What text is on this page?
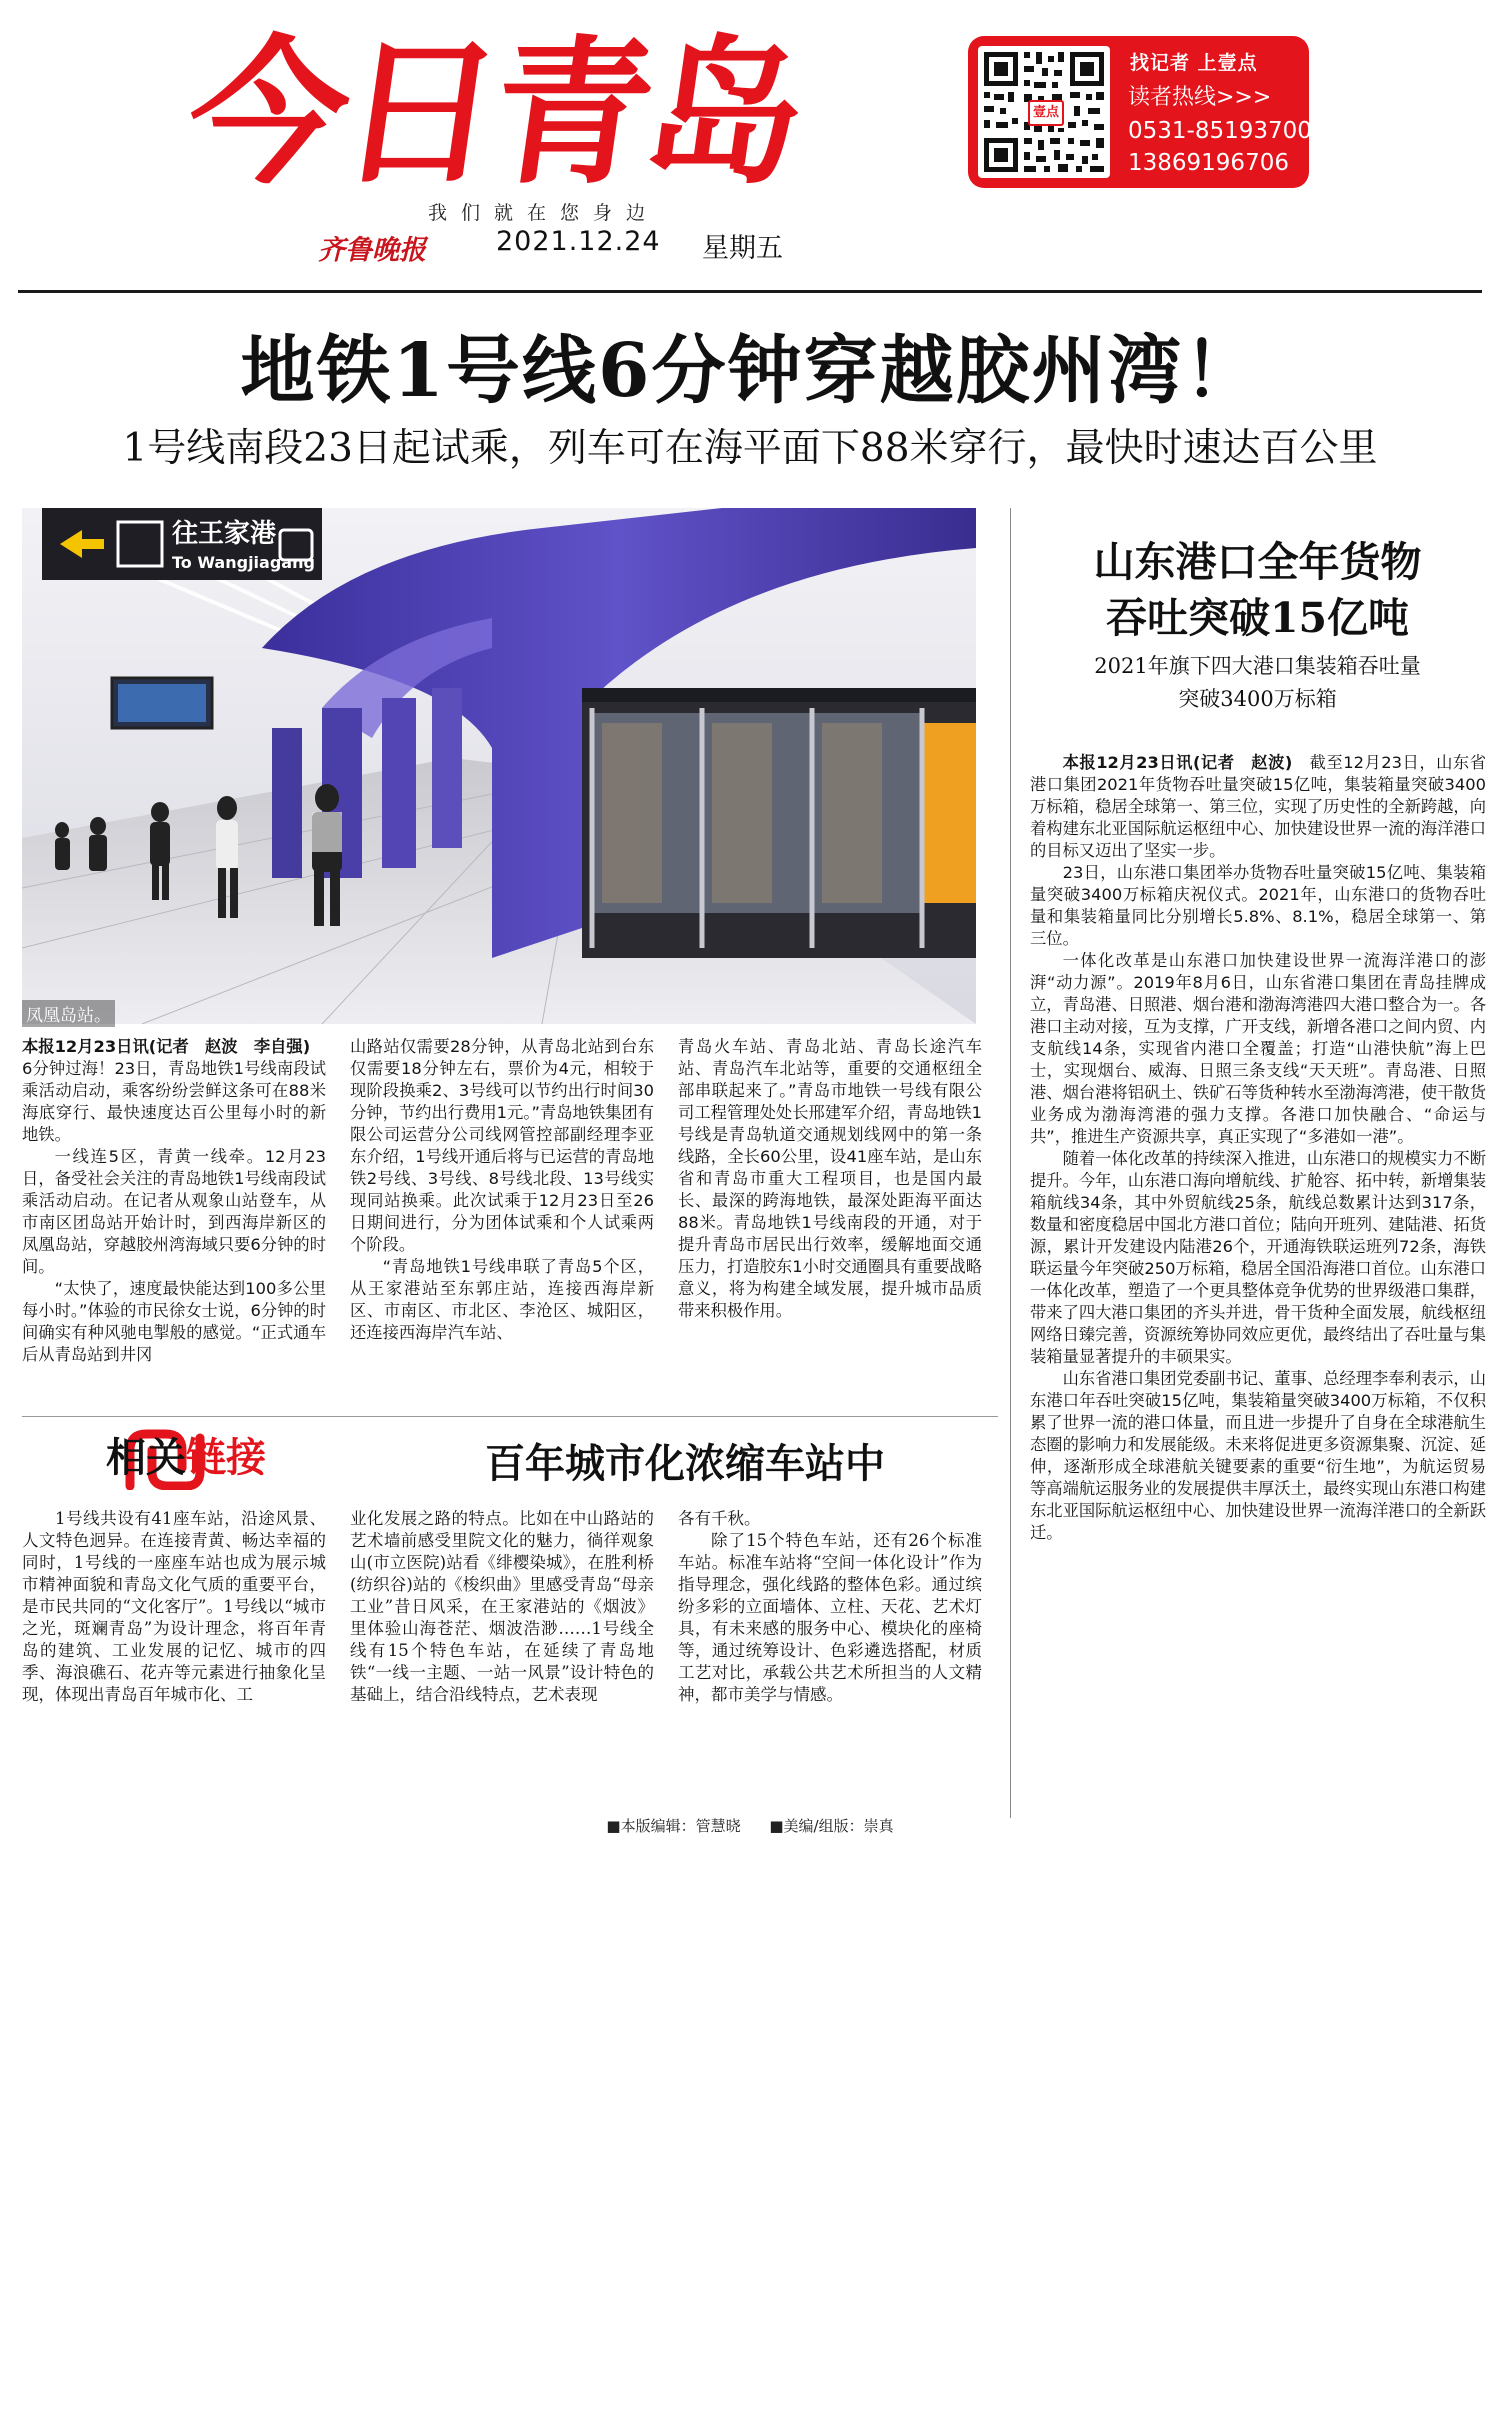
今日青岛
我们就在您身边
齐鲁晚报	2021.12.24 星期五
壹点
找记者 上壹点
读者热线>>>
0531-85193700
13869196706
地铁1号线6分钟穿越胶州湾！
1号线南段23日起试乘，列车可在海平面下88米穿行，最快时速达百公里
往王家港
To Wangjiagang
凤凰岛站。

本报12月23日讯(记者　赵波　李自强)　6分钟过海！23日，青岛地铁1号线南段试乘活动启动，乘客纷纷尝鲜这条可在88米海底穿行、最快速度达百公里每小时的新地铁。

一线连5区，青黄一线牵。12月23日，备受社会关注的青岛地铁1号线南段试乘活动启动。在记者从观象山站登车，从市南区团岛站开始计时，到西海岸新区的凤凰岛站，穿越胶州湾海域只要6分钟的时间。

“太快了，速度最快能达到100多公里每小时。”体验的市民徐女士说，6分钟的时间确实有种风驰电掣般的感觉。“正式通车后从青岛站到井冈

山路站仅需要28分钟，从青岛北站到台东仅需要18分钟左右，票价为4元，相较于现阶段换乘2、3号线可以节约出行时间30分钟，节约出行费用1元。”青岛地铁集团有限公司运营分公司线网管控部副经理李亚东介绍，1号线开通后将与已运营的青岛地铁2号线、3号线、8号线北段、13号线实现同站换乘。此次试乘于12月23日至26日期间进行，分为团体试乘和个人试乘两个阶段。

“青岛地铁1号线串联了青岛5个区，从王家港站至东郭庄站，连接西海岸新区、市南区、市北区、李沧区、城阳区，还连接西海岸汽车站、

青岛火车站、青岛北站、青岛长途汽车站、青岛汽车北站等，重要的交通枢纽全部串联起来了。”青岛市地铁一号线有限公司工程管理处处长邢建军介绍，青岛地铁1号线是青岛轨道交通规划线网中的第一条线路，全长60公里，设41座车站，是山东省和青岛市重大工程项目，也是国内最长、最深的跨海地铁，最深处距海平面达88米。青岛地铁1号线南段的开通，对于提升青岛市居民出行效率，缓解地面交通压力，打造胶东1小时交通圈具有重要战略意义，将为构建全域发展，提升城市品质带来积极作用。

山东港口全年货物
吞吐突破15亿吨
2021年旗下四大港口集装箱吞吐量
突破3400万标箱

本报12月23日讯(记者　赵波)　截至12月23日，山东省港口集团2021年货物吞吐量突破15亿吨，集装箱量突破3400万标箱，稳居全球第一、第三位，实现了历史性的全新跨越，向着构建东北亚国际航运枢纽中心、加快建设世界一流的海洋港口的目标又迈出了坚实一步。

23日，山东港口集团举办货物吞吐量突破15亿吨、集装箱量突破3400万标箱庆祝仪式。2021年，山东港口的货物吞吐量和集装箱量同比分别增长5.8%、8.1%，稳居全球第一、第三位。

一体化改革是山东港口加快建设世界一流海洋港口的澎湃“动力源”。2019年8月6日，山东省港口集团在青岛挂牌成立，青岛港、日照港、烟台港和渤海湾港四大港口整合为一。各港口主动对接，互为支撑，广开支线，新增各港口之间内贸、内支航线14条，实现省内港口全覆盖；打造“山港快航”海上巴士，实现烟台、威海、日照三条支线“天天班”。青岛港、日照港、烟台港将铝矾土、铁矿石等货种转水至渤海湾港，使干散货业务成为渤海湾港的强力支撑。各港口加快融合、“命运与共”，推进生产资源共享，真正实现了“多港如一港”。

随着一体化改革的持续深入推进，山东港口的规模实力不断提升。今年，山东港口海向增航线、扩舱容、拓中转，新增集装箱航线34条，其中外贸航线25条，航线总数累计达到317条，数量和密度稳居中国北方港口首位；陆向开班列、建陆港、拓货源，累计开发建设内陆港26个，开通海铁联运班列72条，海铁联运量今年突破250万标箱，稳居全国沿海港口首位。山东港口一体化改革，塑造了一个更具整体竞争优势的世界级港口集群，带来了四大港口集团的齐头并进，骨干货种全面发展，航线枢纽网络日臻完善，资源统筹协同效应更优，最终结出了吞吐量与集装箱量显著提升的丰硕果实。

山东省港口集团党委副书记、董事、总经理李奉利表示，山东港口年吞吐突破15亿吨，集装箱量突破3400万标箱，不仅积累了世界一流的港口体量，而且进一步提升了自身在全球港航生态圈的影响力和发展能级。未来将促进更多资源集聚、沉淀、延伸，逐渐形成全球港航关键要素的重要“衍生地”，为航运贸易等高端航运服务业的发展提供丰厚沃土，最终实现山东港口构建东北亚国际航运枢纽中心、加快建设世界一流海洋港口的全新跃迁。

相关链接	百年城市化浓缩车站中

1号线共设有41座车站，沿途风景、人文特色迥异。在连接青黄、畅达幸福的同时，1号线的一座座车站也成为展示城市精神面貌和青岛文化气质的重要平台，是市民共同的“文化客厅”。1号线以“城市之光，斑斓青岛”为设计理念，将百年青岛的建筑、工业发展的记忆、城市的四季、海浪礁石、花卉等元素进行抽象化呈现，体现出青岛百年城市化、工

业化发展之路的特点。比如在中山路站的艺术墙前感受里院文化的魅力，徜徉观象山(市立医院)站看《绯樱染城》，在胜利桥(纺织谷)站的《梭织曲》里感受青岛“母亲工业”昔日风采，在王家港站的《烟波》里体验山海苍茫、烟波浩渺……1号线全线有15个特色车站，在延续了青岛地铁“一线一主题、一站一风景”设计特色的基础上，结合沿线特点，艺术表现

各有千秋。

除了15个特色车站，还有26个标准车站。标准车站将“空间一体化设计”作为指导理念，强化线路的整体色彩。通过缤纷多彩的立面墙体、立柱、天花、艺术灯具，有未来感的服务中心、模块化的座椅等，通过统筹设计、色彩遴选搭配，材质工艺对比，承载公共艺术所担当的人文精神，都市美学与情感。

■本版编辑：管慧晓 ■美编/组版：崇真
